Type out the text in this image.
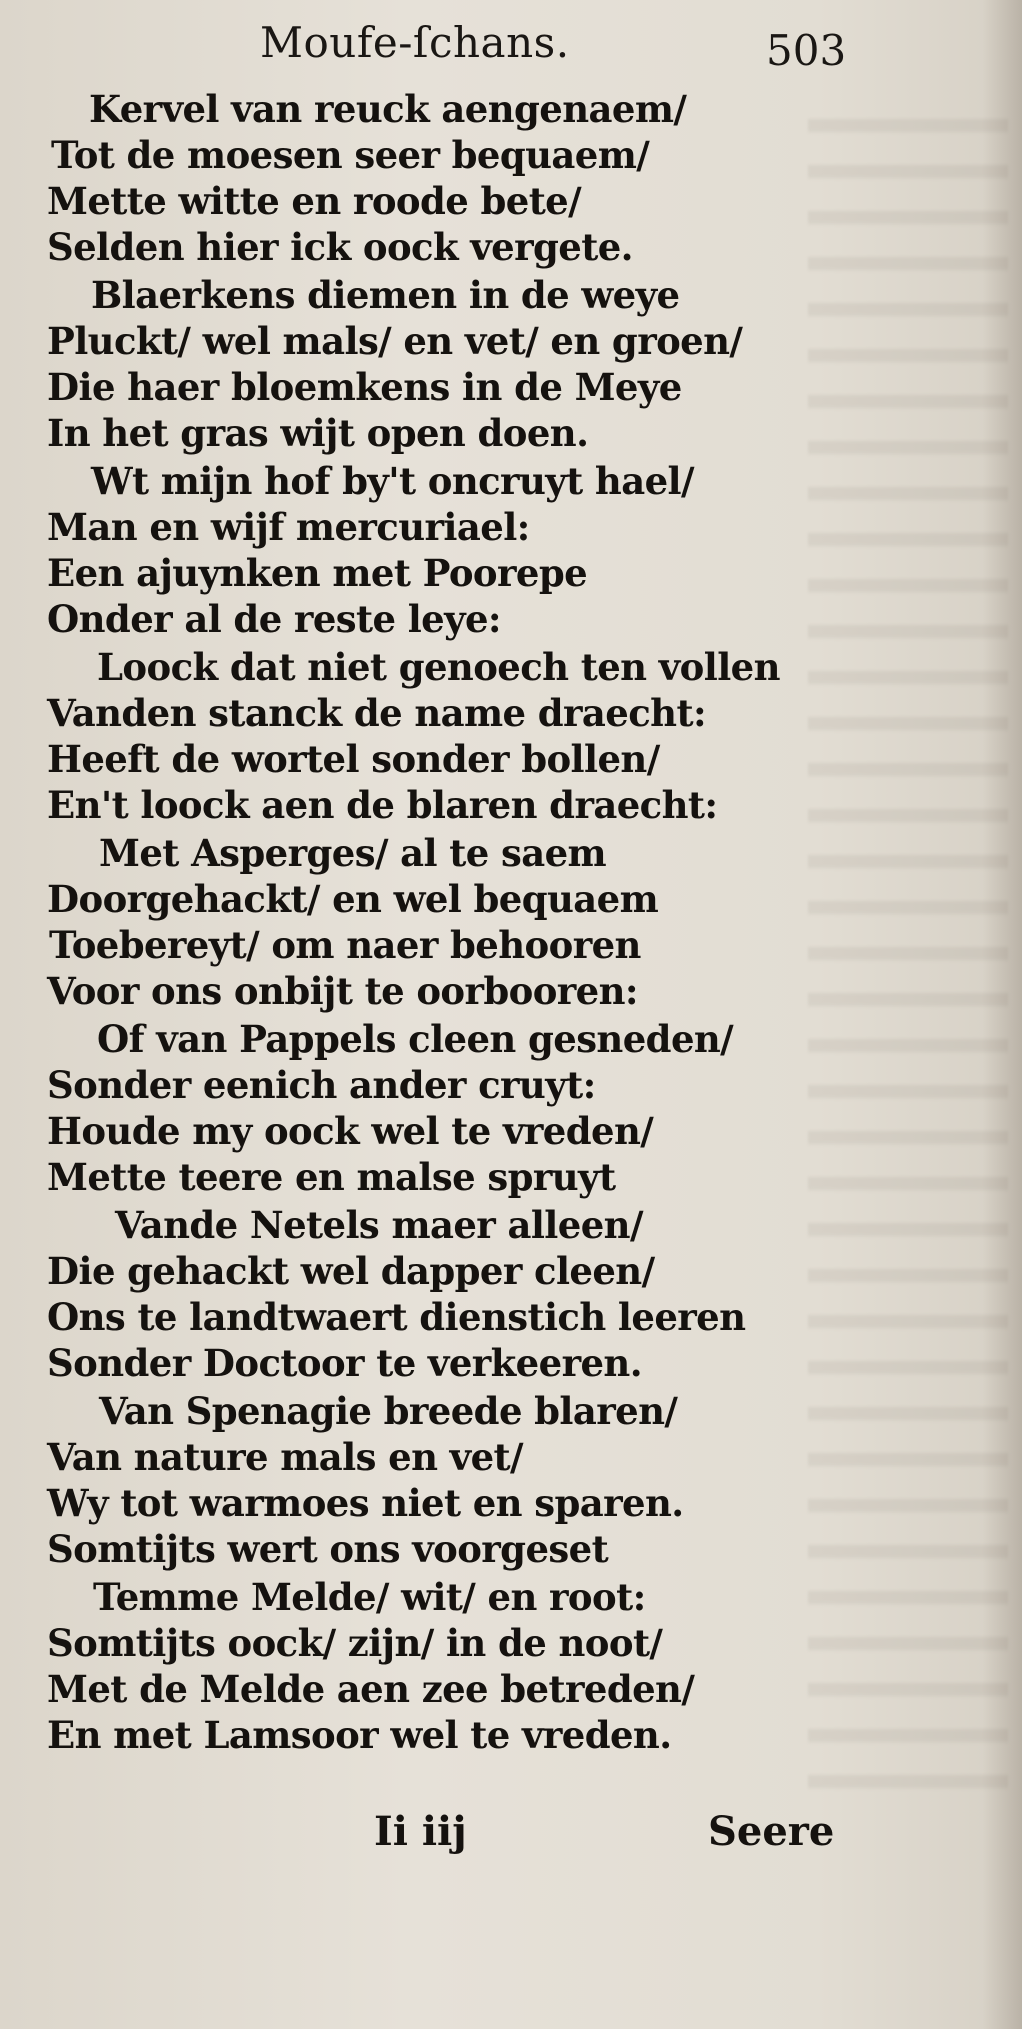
Moufe-ſchans.	503
Kervel van reuck aengenaem/
Tot de moesen seer bequaem/
Mette witte en roode bete/
Selden hier ick oock vergete.
Blaerkens diemen in de weye
Pluckt/ wel mals/ en vet/ en groen/
Die haer bloemkens in de Meye
In het gras wijt open doen.
Wt mijn hof by't oncruyt hael/
Man en wijf mercuriael:
Een ajuynken met Poorepe
Onder al de reste leye:
Loock dat niet genoech ten vollen
Vanden stanck de name draecht:
Heeft de wortel sonder bollen/
En't loock aen de blaren draecht:
Met Asperges/ al te saem
Doorgehackt/ en wel bequaem
Toebereyt/ om naer behooren
Voor ons onbijt te oorbooren:
Of van Pappels cleen gesneden/
Sonder eenich ander cruyt:
Houde my oock wel te vreden/
Mette teere en malse spruyt
Vande Netels maer alleen/
Die gehackt wel dapper cleen/
Ons te landtwaert dienstich leeren
Sonder Doctoor te verkeeren.
Van Spenagie breede blaren/
Van nature mals en vet/
Wy tot warmoes niet en sparen.
Somtijts wert ons voorgeset
Temme Melde/ wit/ en root:
Somtijts oock/ zijn/ in de noot/
Met de Melde aen zee betreden/
En met Lamsoor wel te vreden.
Ii iij	Seere
